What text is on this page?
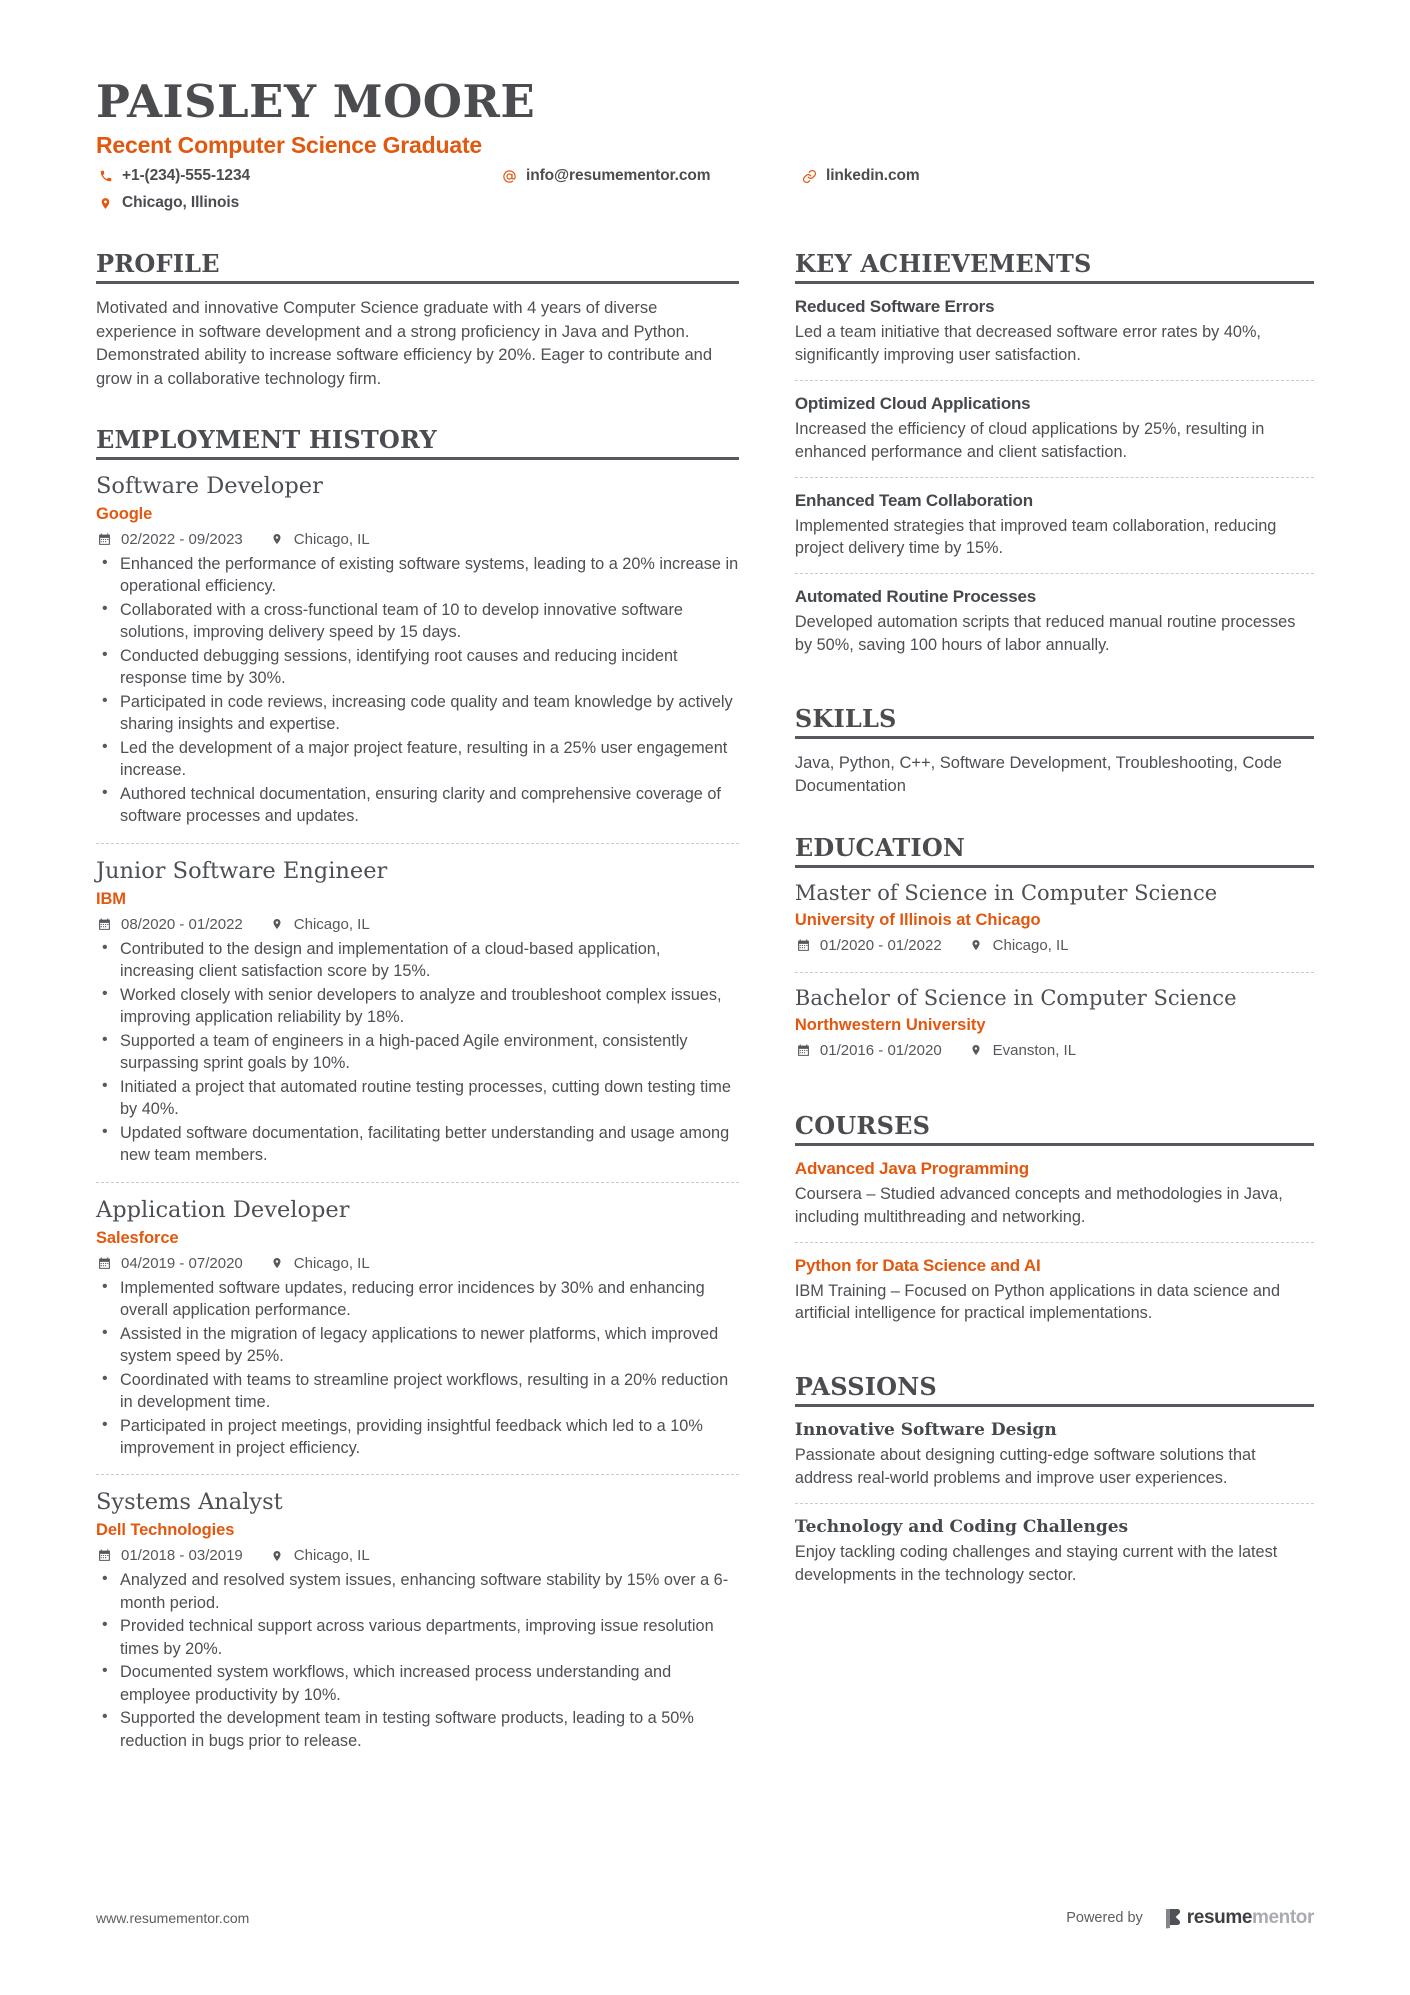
PAISLEY MOORE
Recent Computer Science Graduate
+1-(234)-555-1234	info@resumementor.com	linkedin.com
Chicago, Illinois
PROFILE
Motivated and innovative Computer Science graduate with 4 years of diverse experience in software development and a strong proficiency in Java and Python. Demonstrated ability to increase software efficiency by 20%. Eager to contribute and grow in a collaborative technology firm.
EMPLOYMENT HISTORY
Software Developer
Google
02/2022 - 09/2023	Chicago, IL
• Enhanced the performance of existing software systems, leading to a 20% increase in operational efficiency.
• Collaborated with a cross-functional team of 10 to develop innovative software solutions, improving delivery speed by 15 days.
• Conducted debugging sessions, identifying root causes and reducing incident response time by 30%.
• Participated in code reviews, increasing code quality and team knowledge by actively sharing insights and expertise.
• Led the development of a major project feature, resulting in a 25% user engagement increase.
• Authored technical documentation, ensuring clarity and comprehensive coverage of software processes and updates.
Junior Software Engineer
IBM
08/2020 - 01/2022	Chicago, IL
• Contributed to the design and implementation of a cloud-based application, increasing client satisfaction score by 15%.
• Worked closely with senior developers to analyze and troubleshoot complex issues, improving application reliability by 18%.
• Supported a team of engineers in a high-paced Agile environment, consistently surpassing sprint goals by 10%.
• Initiated a project that automated routine testing processes, cutting down testing time by 40%.
• Updated software documentation, facilitating better understanding and usage among new team members.
Application Developer
Salesforce
04/2019 - 07/2020	Chicago, IL
• Implemented software updates, reducing error incidences by 30% and enhancing overall application performance.
• Assisted in the migration of legacy applications to newer platforms, which improved system speed by 25%.
• Coordinated with teams to streamline project workflows, resulting in a 20% reduction in development time.
• Participated in project meetings, providing insightful feedback which led to a 10% improvement in project efficiency.
Systems Analyst
Dell Technologies
01/2018 - 03/2019	Chicago, IL
• Analyzed and resolved system issues, enhancing software stability by 15% over a 6-month period.
• Provided technical support across various departments, improving issue resolution times by 20%.
• Documented system workflows, which increased process understanding and employee productivity by 10%.
• Supported the development team in testing software products, leading to a 50% reduction in bugs prior to release.
KEY ACHIEVEMENTS
Reduced Software Errors
Led a team initiative that decreased software error rates by 40%, significantly improving user satisfaction.
Optimized Cloud Applications
Increased the efficiency of cloud applications by 25%, resulting in enhanced performance and client satisfaction.
Enhanced Team Collaboration
Implemented strategies that improved team collaboration, reducing project delivery time by 15%.
Automated Routine Processes
Developed automation scripts that reduced manual routine processes by 50%, saving 100 hours of labor annually.
SKILLS
Java, Python, C++, Software Development, Troubleshooting, Code Documentation
EDUCATION
Master of Science in Computer Science
University of Illinois at Chicago
01/2020 - 01/2022	Chicago, IL
Bachelor of Science in Computer Science
Northwestern University
01/2016 - 01/2020	Evanston, IL
COURSES
Advanced Java Programming
Coursera – Studied advanced concepts and methodologies in Java, including multithreading and networking.
Python for Data Science and AI
IBM Training – Focused on Python applications in data science and artificial intelligence for practical implementations.
PASSIONS
Innovative Software Design
Passionate about designing cutting-edge software solutions that address real-world problems and improve user experiences.
Technology and Coding Challenges
Enjoy tackling coding challenges and staying current with the latest developments in the technology sector.
www.resumementor.com	Powered by resumementor
